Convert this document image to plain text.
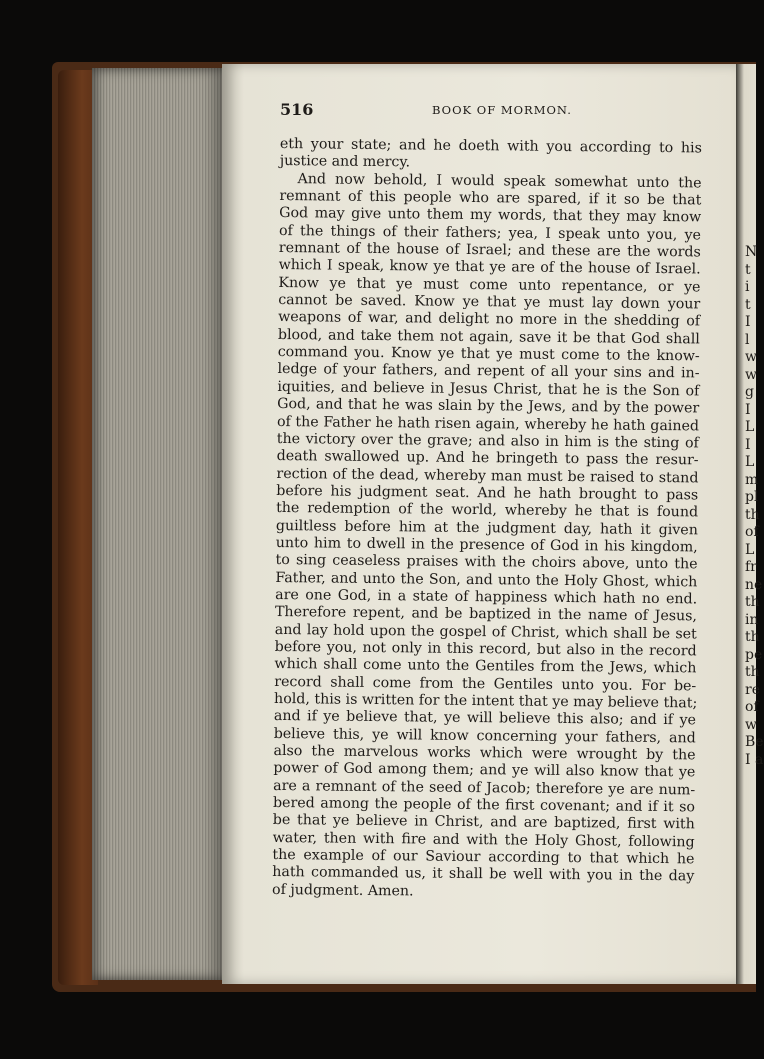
N
t
i
t
I
l
w
w
g
I
L
I
L
m
pl
th
of
L
fr
ne
th
in
th
pe
th
re
of
w
Be
I a
516	BOOK OF MORMON.
eth your state; and he doeth with you according to his
justice and mercy.
And now behold, I would speak somewhat unto the
remnant of this people who are spared, if it so be that
God may give unto them my words, that they may know
of the things of their fathers; yea, I speak unto you, ye
remnant of the house of Israel; and these are the words
which I speak, know ye that ye are of the house of Israel.
Know ye that ye must come unto repentance, or ye
cannot be saved. Know ye that ye must lay down your
weapons of war, and delight no more in the shedding of
blood, and take them not again, save it be that God shall
command you. Know ye that ye must come to the know-
ledge of your fathers, and repent of all your sins and in-
iquities, and believe in Jesus Christ, that he is the Son of
God, and that he was slain by the Jews, and by the power
of the Father he hath risen again, whereby he hath gained
the victory over the grave; and also in him is the sting of
death swallowed up. And he bringeth to pass the resur-
rection of the dead, whereby man must be raised to stand
before his judgment seat. And he hath brought to pass
the redemption of the world, whereby he that is found
guiltless before him at the judgment day, hath it given
unto him to dwell in the presence of God in his kingdom,
to sing ceaseless praises with the choirs above, unto the
Father, and unto the Son, and unto the Holy Ghost, which
are one God, in a state of happiness which hath no end.
Therefore repent, and be baptized in the name of Jesus,
and lay hold upon the gospel of Christ, which shall be set
before you, not only in this record, but also in the record
which shall come unto the Gentiles from the Jews, which
record shall come from the Gentiles unto you. For be-
hold, this is written for the intent that ye may believe that;
and if ye believe that, ye will believe this also; and if ye
believe this, ye will know concerning your fathers, and
also the marvelous works which were wrought by the
power of God among them; and ye will also know that ye
are a remnant of the seed of Jacob; therefore ye are num-
bered among the people of the first covenant; and if it so
be that ye believe in Christ, and are baptized, first with
water, then with fire and with the Holy Ghost, following
the example of our Saviour according to that which he
hath commanded us, it shall be well with you in the day
of judgment. Amen.
